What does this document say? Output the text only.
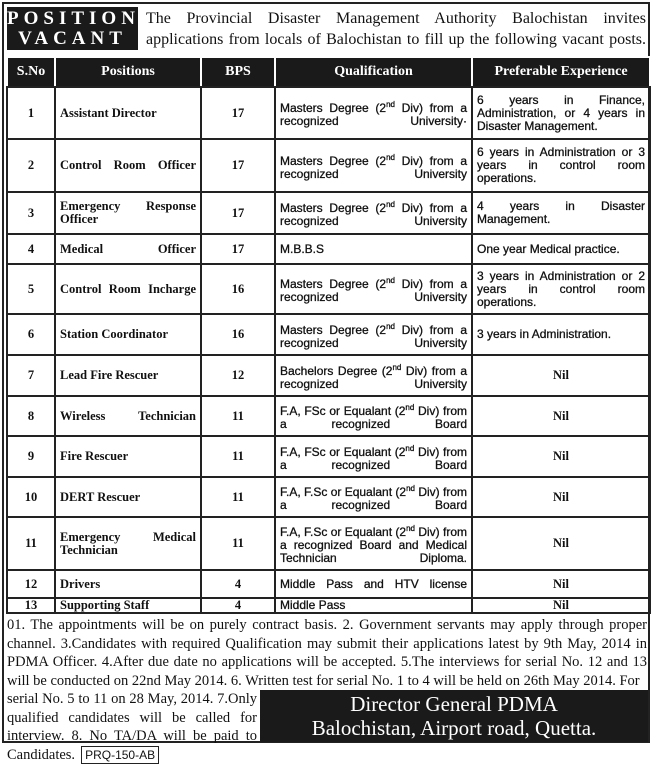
POSITIONS
VACANT
The Provincial Disaster Management Authority Balochistan invites applications from locals of Balochistan to fill up the following vacant posts.
S.No	Positions	BPS	Qualification	Preferable Experience
1	Assistant Director	17	Masters Degree (2nd Div) from a recognized University·	6 years in Finance, Administration, or 4 years in Disaster Management.
2	Control Room Officer	17	Masters Degree (2nd Div) from a recognized University	6 years in Administration or 3 years in control room operations.
3	Emergency Response Officer	17	Masters Degree (2nd Div) from a recognized University	4 years in Disaster Management.
4	Medical Officer	17	M.B.B.S	One year Medical practice.
5	Control Room Incharge	16	Masters Degree (2nd Div) from a recognized University	3 years in Administration or 2 years in control room operations.
6	Station Coordinator	16	Masters Degree (2nd Div) from a recognized University	3 years in Administration.
7	Lead Fire Rescuer	12	Bachelors Degree (2nd Div) from a recognized University	Nil
8	Wireless Technician	11	F.A, FSc or Equalant (2nd Div) from a recognized Board	Nil
9	Fire Rescuer	11	F.A, FSc or Equalant (2nd Div) from a recognized Board	Nil
10	DERT Rescuer	11	F.A, F.Sc or Equalant (2nd Div) from a recognized Board	Nil
11	Emergency Medical Technician	11	F.A, F.Sc or Equalant (2nd Div) from a recognized Board and Medical Technician Diploma.	Nil
12	Drivers	4	Middle Pass and HTV license	Nil
13	Supporting Staff	4	Middle Pass	Nil
01. The appointments will be on purely contract basis. 2. Government servants may apply through proper channel. 3.Candidates with required Qualification may submit their applications latest by 9th May, 2014 in PDMA Officer. 4.After due date no applications will be accepted. 5.The interviews for serial No. 12 and 13 will be conducted on 22nd May 2014. 6. Written test for serial No. 1 to 4 will be held on 26th May 2014. For
serial No. 5 to 11 on 28 May, 2014. 7.Only qualified candidates will be called for interview. 8. No TA/DA will be paid to Candidates. PRQ-150-AB
Director General PDMA
Balochistan, Airport road, Quetta.
